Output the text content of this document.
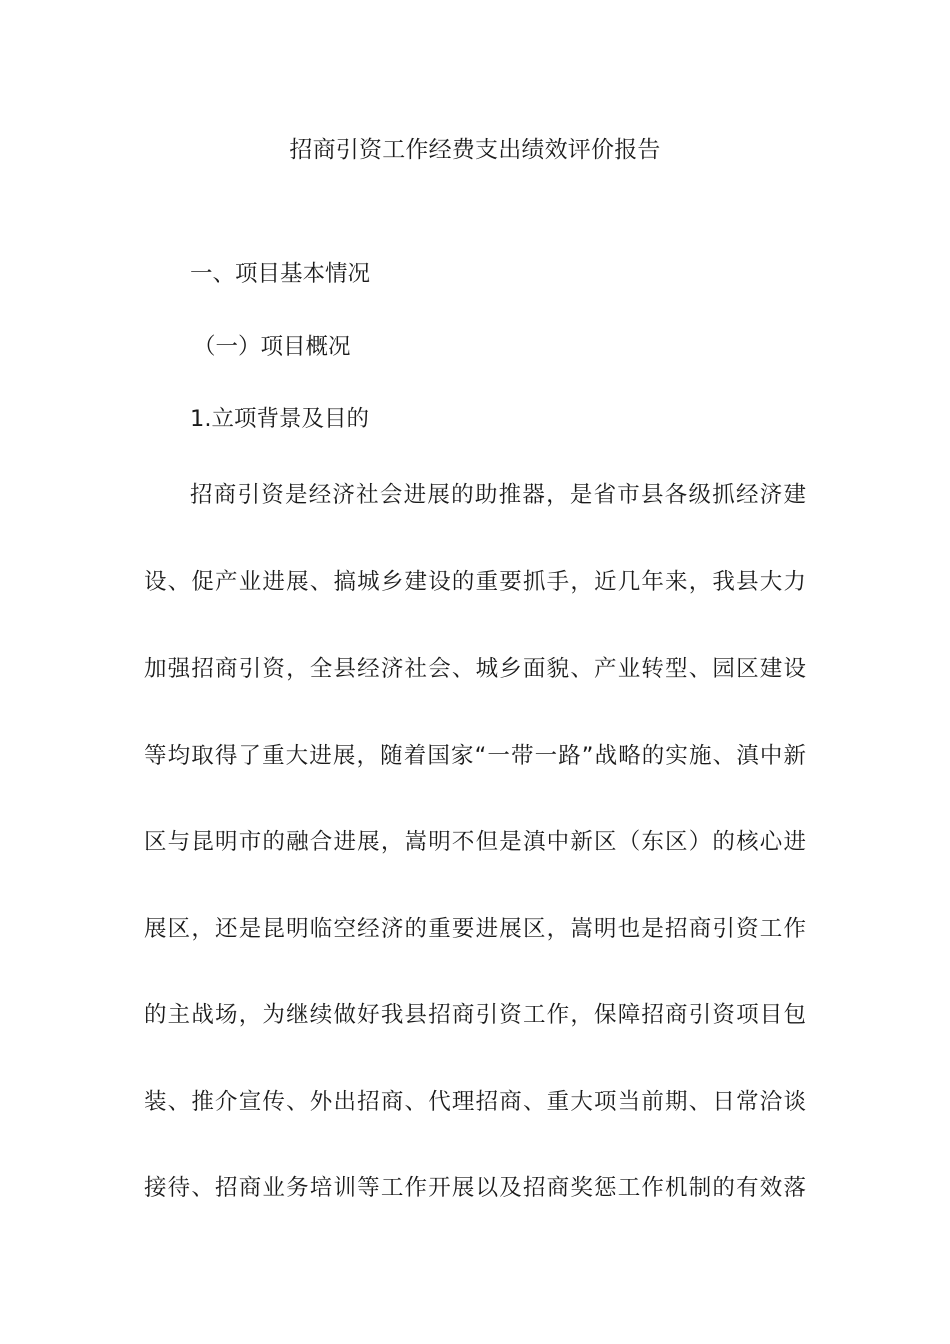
招商引资工作经费支出绩效评价报告
一、项目基本情况
（一）项目概况
1.立项背景及目的
招商引资是经济社会进展的助推器，是省市县各级抓经济建
设、促产业进展、搞城乡建设的重要抓手，近几年来，我县大力
加强招商引资，全县经济社会、城乡面貌、产业转型、园区建设
等均取得了重大进展，随着国家“一带一路”战略的实施、滇中新
区与昆明市的融合进展，嵩明不但是滇中新区（东区）的核心进
展区，还是昆明临空经济的重要进展区，嵩明也是招商引资工作
的主战场，为继续做好我县招商引资工作，保障招商引资项目包
装、推介宣传、外出招商、代理招商、重大项当前期、日常洽谈
接待、招商业务培训等工作开展以及招商奖惩工作机制的有效落
